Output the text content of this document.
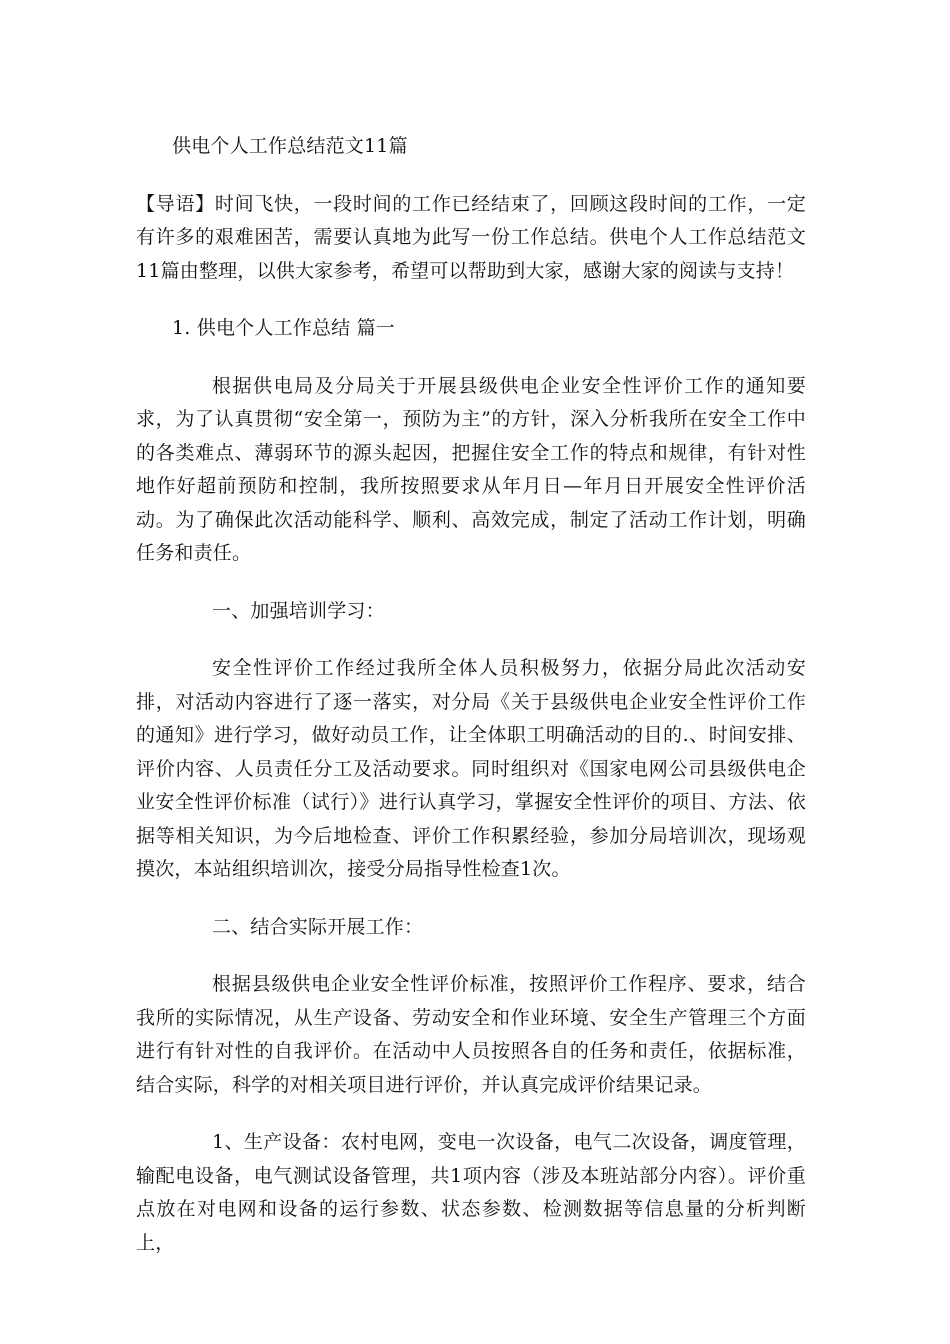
供电个人工作总结范文11篇

【导语】时间飞快，一段时间的工作已经结束了，回顾这段时间的工作，一定有许多的艰难困苦，需要认真地为此写一份工作总结。供电个人工作总结范文11篇由整理，以供大家参考，希望可以帮助到大家，感谢大家的阅读与支持！

1. 供电个人工作总结 篇一

根据供电局及分局关于开展县级供电企业安全性评价工作的通知要求，为了认真贯彻“安全第一，预防为主”的方针，深入分析我所在安全工作中的各类难点、薄弱环节的源头起因，把握住安全工作的特点和规律，有针对性地作好超前预防和控制，我所按照要求从年月日—年月日开展安全性评价活动。为了确保此次活动能科学、顺利、高效完成，制定了活动工作计划，明确任务和责任。

一、加强培训学习：

安全性评价工作经过我所全体人员积极努力，依据分局此次活动安排，对活动内容进行了逐一落实，对分局《关于县级供电企业安全性评价工作的通知》进行学习，做好动员工作，让全体职工明确活动的目的.、时间安排、评价内容、人员责任分工及活动要求。同时组织对《国家电网公司县级供电企业安全性评价标准（试行）》进行认真学习，掌握安全性评价的项目、方法、依据等相关知识，为今后地检查、评价工作积累经验，参加分局培训次，现场观摸次，本站组织培训次，接受分局指导性检查1次。

二、结合实际开展工作：

根据县级供电企业安全性评价标准，按照评价工作程序、要求，结合我所的实际情况，从生产设备、劳动安全和作业环境、安全生产管理三个方面进行有针对性的自我评价。在活动中人员按照各自的任务和责任，依据标准，结合实际，科学的对相关项目进行评价，并认真完成评价结果记录。

1、生产设备：农村电网，变电一次设备，电气二次设备，调度管理，输配电设备，电气测试设备管理，共1项内容（涉及本班站部分内容）。评价重点放在对电网和设备的运行参数、状态参数、检测数据等信息量的分析判断上，
